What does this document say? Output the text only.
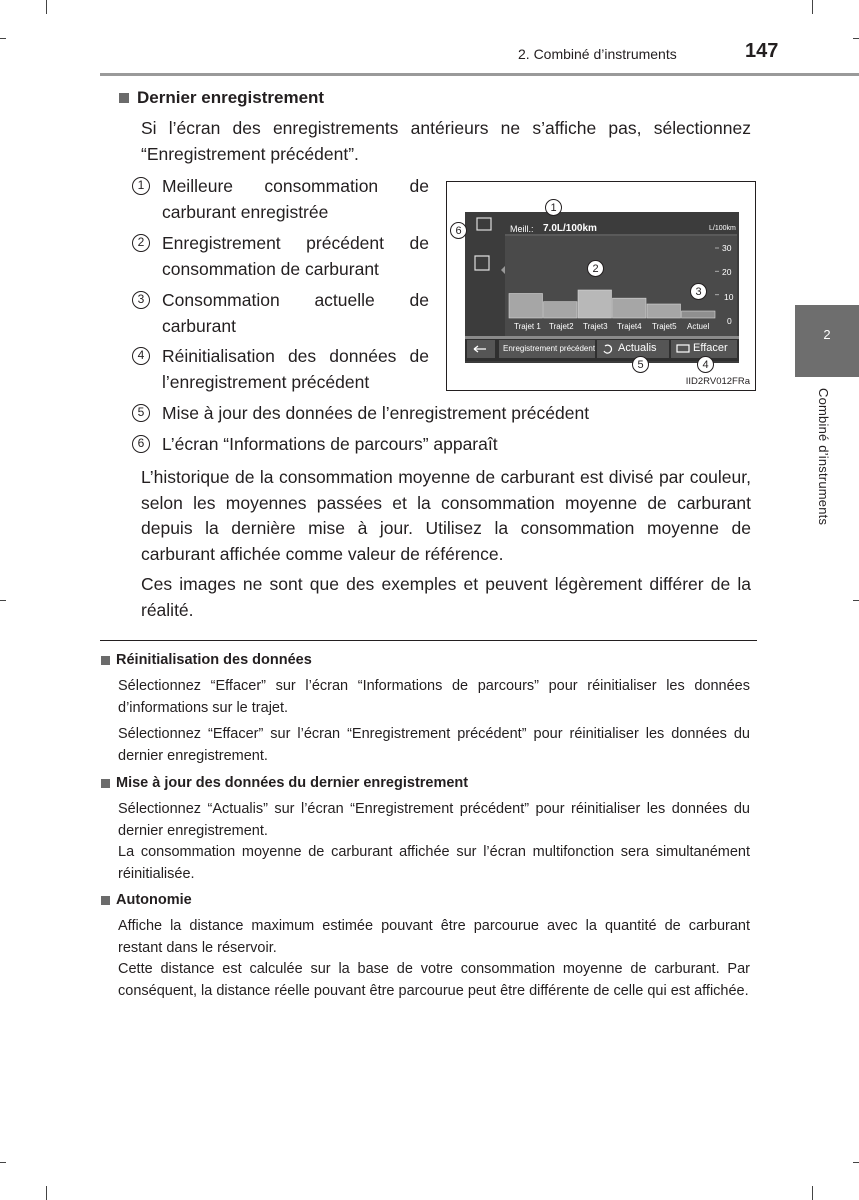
2. Combiné d’instruments	147
2
Combiné d’instruments
Dernier enregistrement
Si l’écran des enregistrements antérieurs ne s’affiche pas, sélectionnez “Enregistrement précédent”.
1	Meilleure consommation de carburant enregistrée
2	Enregistrement précédent de consommation de carburant
3	Consommation actuelle de carburant
4	Réinitialisation des données de l’enregistrement précédent
5	Mise à jour des données de l’enregistrement précédent
6	L’écran “Informations de parcours” apparaît
L’historique de la consommation moyenne de carburant est divisé par couleur, selon les moyennes passées et la consommation moyenne de carburant depuis la dernière mise à jour. Utilisez la consommation moyenne de carburant affichée comme valeur de référence.
Ces images ne sont que des exemples et peuvent légèrement différer de la réalité.
Meill.: 7.0L/100km	L/100km
30
20
10
0
Trajet 1 Trajet2 Trajet3 Trajet4 Trajet5 Actuel
Enregistrement précédent Actualis	Effacer
1
2
3
4
5
6
IID2RV012FRa
Réinitialisation des données
Sélectionnez “Effacer” sur l’écran “Informations de parcours” pour réinitialiser les données d’informations sur le trajet.
Sélectionnez “Effacer” sur l’écran “Enregistrement précédent” pour réinitialiser les données du dernier enregistrement.
Mise à jour des données du dernier enregistrement
Sélectionnez “Actualis” sur l’écran “Enregistrement précédent” pour réinitialiser les données du dernier enregistrement.
La consommation moyenne de carburant affichée sur l’écran multifonction sera simultanément réinitialisée.
Autonomie
Affiche la distance maximum estimée pouvant être parcourue avec la quantité de carburant restant dans le réservoir.
Cette distance est calculée sur la base de votre consommation moyenne de carburant. Par conséquent, la distance réelle pouvant être parcourue peut être différente de celle qui est affichée.
